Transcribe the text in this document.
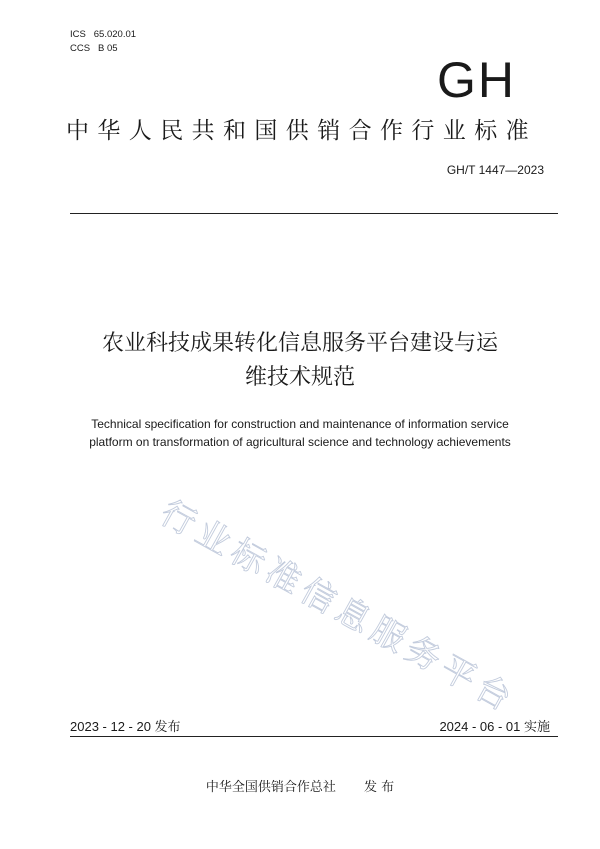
ICS 65.020.01
CCS B 05
GH
中华人民共和国供销合作行业标准
GH/T 1447—2023
农业科技成果转化信息服务平台建设与运
维技术规范
Technical specification for construction and maintenance of information service
platform on transformation of agricultural science and technology achievements
行业标准信息服务平台
2023 - 12 - 20 发布	2024 - 06 - 01 实施
中华全国供销合作总社 发 布
